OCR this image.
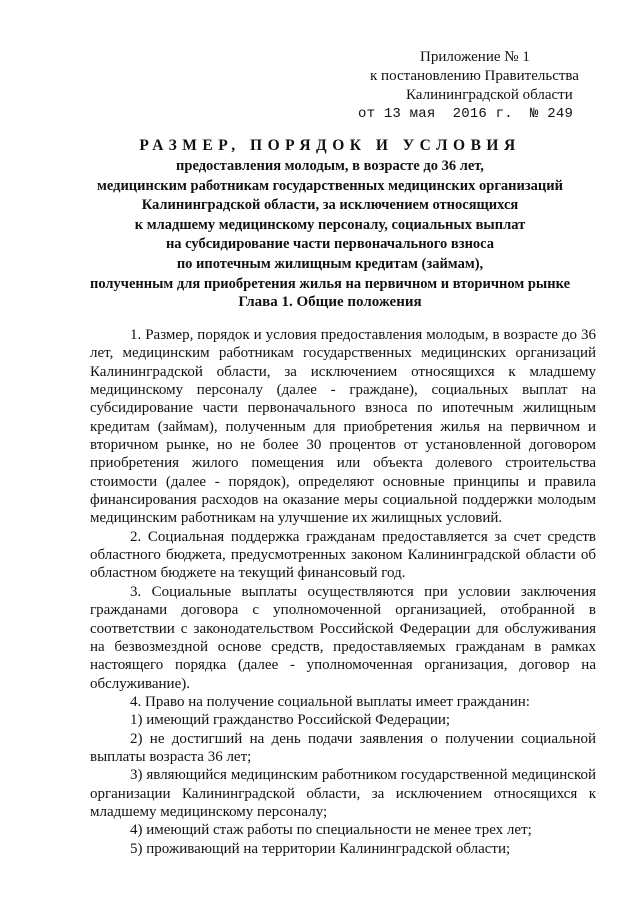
Приложение № 1
к постановлению Правительства
Калининградской области
от 13 мая 2016 г. № 249
РАЗМЕР, ПОРЯДОК И УСЛОВИЯ
предоставления молодым, в возрасте до 36 лет,
медицинским работникам государственных медицинских организаций
Калининградской области, за исключением относящихся
к младшему медицинскому персоналу, социальных выплат
на субсидирование части первоначального взноса
по ипотечным жилищным кредитам (займам),
полученным для приобретения жилья на первичном и вторичном рынке
Глава 1. Общие положения

1. Размер, порядок и условия предоставления молодым, в возрасте до 36 лет, медицинским работникам государственных медицинских организаций Калининградской области, за исключением относящихся к младшему медицинскому персоналу (далее - граждане), социальных выплат на субсидирование части первоначального взноса по ипотечным жилищным кредитам (займам), полученным для приобретения жилья на первичном и вторичном рынке, но не более 30 процентов от установленной договором приобретения жилого помещения или объекта долевого строительства стоимости (далее - порядок), определяют основные принципы и правила финансирования расходов на оказание меры социальной поддержки молодым медицинским работникам на улучшение их жилищных условий.

2. Социальная поддержка гражданам предоставляется за счет средств областного бюджета, предусмотренных законом Калининградской области об областном бюджете на текущий финансовый год.

3. Социальные выплаты осуществляются при условии заключения гражданами договора с уполномоченной организацией, отобранной в соответствии с законодательством Российской Федерации для обслуживания на безвозмездной основе средств, предоставляемых гражданам в рамках настоящего порядка (далее - уполномоченная организация, договор на обслуживание).

4. Право на получение социальной выплаты имеет гражданин:

1) имеющий гражданство Российской Федерации;

2) не достигший на день подачи заявления о получении социальной выплаты возраста 36 лет;

3) являющийся медицинским работником государственной медицинской организации Калининградской области, за исключением относящихся к младшему медицинскому персоналу;

4) имеющий стаж работы по специальности не менее трех лет;

5) проживающий на территории Калининградской области;
